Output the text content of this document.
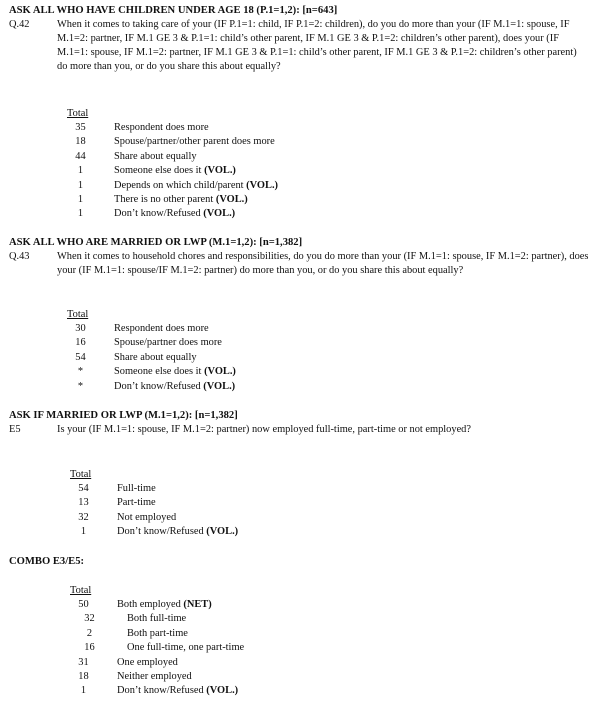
ASK ALL WHO HAVE CHILDREN UNDER AGE 18 (P.1=1,2): [n=643]
Q.42	When it comes to taking care of your (IF P.1=1: child, IF P.1=2: children), do you do more than your (IF M.1=1: spouse, IF M.1=2: partner, IF M.1 GE 3 & P.1=1: child’s other parent, IF M.1 GE 3 & P.1=2: children’s other parent), does your (IF M.1=1: spouse, IF M.1=2: partner, IF M.1 GE 3 & P.1=1: child’s other parent, IF M.1 GE 3 & P.1=2: children’s other parent) do more than you, or do you share this about equally?
Total
35	Respondent does more
18	Spouse/partner/other parent does more
44	Share about equally
1	Someone else does it (VOL.)
1	Depends on which child/parent (VOL.)
1	There is no other parent (VOL.)
1	Don’t know/Refused (VOL.)
ASK ALL WHO ARE MARRIED OR LWP (M.1=1,2): [n=1,382]
Q.43	When it comes to household chores and responsibilities, do you do more than your (IF M.1=1: spouse, IF M.1=2: partner), does your (IF M.1=1: spouse/IF M.1=2: partner) do more than you, or do you share this about equally?
Total
30	Respondent does more
16	Spouse/partner does more
54	Share about equally
*	Someone else does it (VOL.)
*	Don’t know/Refused (VOL.)
ASK IF MARRIED OR LWP (M.1=1,2): [n=1,382]
E5	Is your (IF M.1=1: spouse, IF M.1=2: partner) now employed full-time, part-time or not employed?
Total
54	Full-time
13	Part-time
32	Not employed
1	Don’t know/Refused (VOL.)
COMBO E3/E5:
Total
50	Both employed (NET)
32	Both full-time
2	Both part-time
16	One full-time, one part-time
31	One employed
18	Neither employed
1	Don’t know/Refused (VOL.)
